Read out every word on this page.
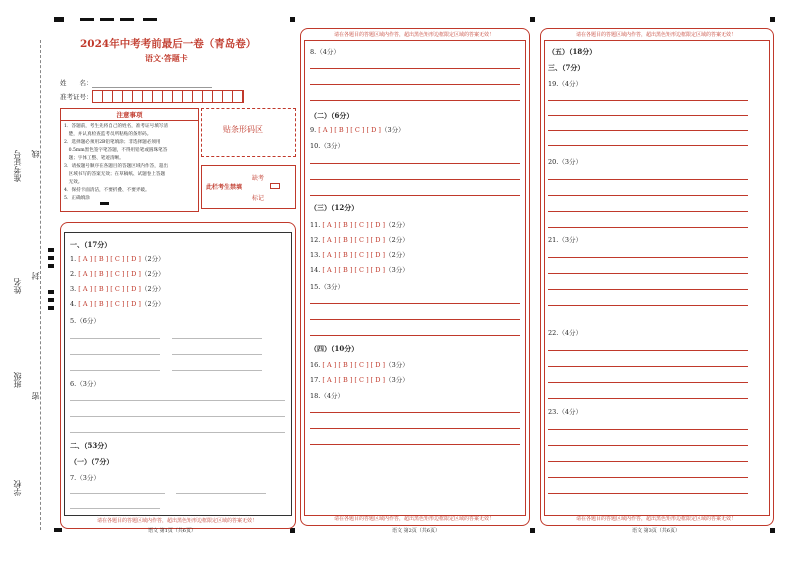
准考证号 线
姓名
封
班级
密
学校
2024年中考考前最后一卷（青岛卷）
语文·答题卡
姓　　名：
准考证号：
注意事项
1．答题前，考生先将自己的姓名，准考证号填写清
　楚，并认真检查监考员所粘贴的条形码。
2．选择题必须用2B铅笔填涂；非选择题必须用
　0.5mm黑色签字笔答题，不得用铅笔或圆珠笔答
　题；字体工整、笔迹清晰。
3．请按题号顺序在各题目的答题区域内作答，超出
　区域书写的答案无效；在草稿纸、试题卷上答题
　无效。
4．保持卡面清洁，不要折叠、不要弄破。
5．正确填涂
贴条形码区
此栏考生禁填
缺考
标记
请在各题目的答题区域内作答，超出黑色矩形边框限定区域的答案无效！
语文 第1页（共6页）
一、（17分）
1. [ A ] [ B ] [ C ] [ D ]（2分）
2. [ A ] [ B ] [ C ] [ D ]（2分）
3. [ A ] [ B ] [ C ] [ D ]（2分）
4. [ A ] [ B ] [ C ] [ D ]（2分）
5.（6分）
6.（3分）
二、（53分）
（一）（7分）
7.（3分）
请在各题目的答题区域内作答，超出黑色矩形边框限定区域的答案无效！
请在各题目的答题区域内作答，超出黑色矩形边框限定区域的答案无效！
语文 第2页（共6页）
8.（4分）
（二）（6分）
9. [ A ] [ B ] [ C ] [ D ]（3分）
10.（3分）
（三）（12分）
11. [ A ] [ B ] [ C ] [ D ]（2分）
12. [ A ] [ B ] [ C ] [ D ]（2分）
13. [ A ] [ B ] [ C ] [ D ]（2分）
14. [ A ] [ B ] [ C ] [ D ]（3分）
15.（3分）
（四）（10分）
16. [ A ] [ B ] [ C ] [ D ]（3分）
17. [ A ] [ B ] [ C ] [ D ]（3分）
18.（4分）
请在各题目的答题区域内作答，超出黑色矩形边框限定区域的答案无效！
请在各题目的答题区域内作答，超出黑色矩形边框限定区域的答案无效！
语文 第3页（共6页）
（五）（18分）
三、（7分）
19.（4分）
20.（3分）
21.（3分）
22.（4分）
23.（4分）
